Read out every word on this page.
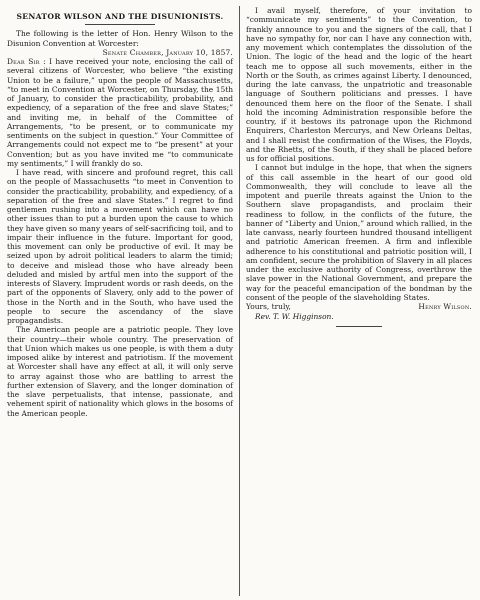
SENATOR WILSON AND THE DISUNIONISTS.

The following is the letter of Hon. Henry Wilson to the Disunion Convention at Worcester:

Senate Chamber, January 10, 1857.

Dear Sir : I have received your note, enclosing the call of several citizens of Worcester, who believe “the existing Union to be a failure,” upon the people of Massachusetts, “to meet in Convention at Worcester, on Thursday, the 15th of January, to consider the practicability, probability, and expediency, of a separation of the free and slave States;” and inviting me, in behalf of the Committee of Arrangements, “to be present, or to communicate my sentiments on the subject in question.” Your Committee of Arrangements could not expect me to “be present” at your Convention; but as you have invited me “to communicate my sentiments,” I will frankly do so.

I have read, with sincere and profound regret, this call on the people of Massachusetts “to meet in Convention to consider the practicability, probability, and expediency, of a separation of the free and slave States.” I regret to find gentlemen rushing into a movement which can have no other issues than to put a burden upon the cause to which they have given so many years of self-sacrificing toil, and to impair their influence in the future. Important for good, this movement can only be productive of evil. It may be seized upon by adroit political leaders to alarm the timid; to deceive and mislead those who have already been deluded and misled by artful men into the support of the interests of Slavery. Imprudent words or rash deeds, on the part of the opponents of Slavery, only add to the power of those in the North and in the South, who have used the people to secure the ascendancy of the slave propagandists.

The American people are a patriotic people. They love their country—their whole country. The preservation of that Union which makes us one people, is with them a duty imposed alike by interest and patriotism. If the movement at Worcester shall have any effect at all, it will only serve to array against those who are battling to arrest the further extension of Slavery, and the longer domination of the slave perpetualists, that intense, passionate, and vehement spirit of nationality which glows in the bosoms of the American people.

I avail myself, therefore, of your invitation to “communicate my sentiments” to the Convention, to frankly announce to you and the signers of the call, that I have no sympathy for, nor can I have any connection with, any movement which contemplates the dissolution of the Union. The logic of the head and the logic of the heart teach me to oppose all such movements, either in the North or the South, as crimes against Liberty. I denounced, during the late canvass, the unpatriotic and treasonable language of Southern politicians and presses. I have denounced them here on the floor of the Senate. I shall hold the incoming Administration responsible before the country, if it bestows its patronage upon the Richmond Enquirers, Charleston Mercurys, and New Orleans Deltas, and I shall resist the confirmation of the Wises, the Floyds, and the Rhetts, of the South, if they shall be placed before us for official positions.

I cannot but indulge in the hope, that when the signers of this call assemble in the heart of our good old Commonwealth, they will conclude to leave all the impotent and puerile threats against the Union to the Southern slave propagandists, and proclaim their readiness to follow, in the conflicts of the future, the banner of “Liberty and Union,” around which rallied, in the late canvass, nearly fourteen hundred thousand intelligent and patriotic American freemen. A firm and inflexible adherence to his constitutional and patriotic position will, I am confident, secure the prohibition of Slavery in all places under the exclusive authority of Congress, overthrow the slave power in the National Government, and prepare the way for the peaceful emancipation of the bondman by the consent of the people of the slaveholding States.

Yours, truly,	Henry Wilson.

Rev. T. W. Higginson.
